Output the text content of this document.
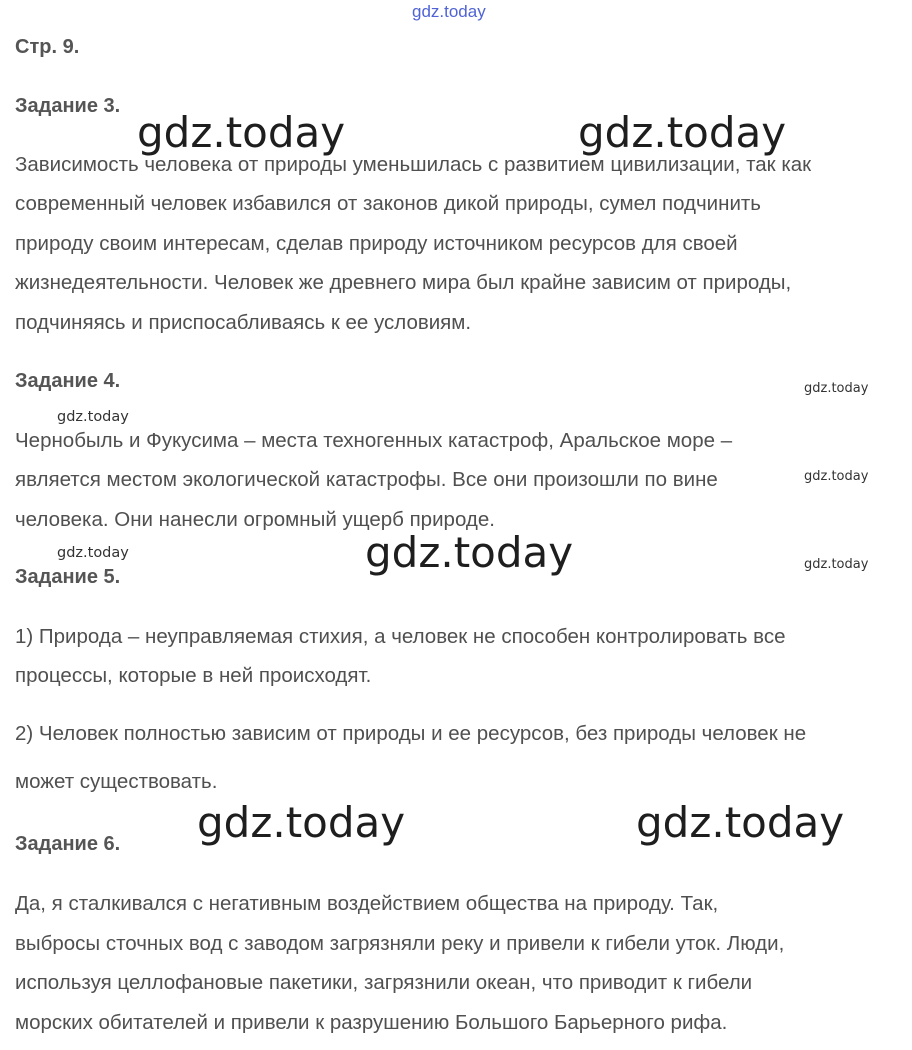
gdz.today
Стр. 9.
Задание 3.
gdz.today	gdz.today
Зависимость человека от природы уменьшилась с развитием цивилизации, так как
современный человек избавился от законов дикой природы, сумел подчинить
природу своим интересам, сделав природу источником ресурсов для своей
жизнедеятельности. Человек же древнего мира был крайне зависим от природы,
подчиняясь и приспосабливаясь к ее условиям.
Задание 4.	gdz.today
gdz.today
Чернобыль и Фукусима – места техногенных катастроф, Аральское море –
является местом экологической катастрофы. Все они произошли по вине	gdz.today
человека. Они нанесли огромный ущерб природе.
gdz.today	gdz.today
Задание 5.
gdz.today
1) Природа – неуправляемая стихия, а человек не способен контролировать все
процессы, которые в ней происходят.
2) Человек полностью зависим от природы и ее ресурсов, без природы человек не
может существовать.
gdz.today	gdz.today
Задание 6.
Да, я сталкивался с негативным воздействием общества на природу. Так,
выбросы сточных вод с заводом загрязняли реку и привели к гибели уток. Люди,
используя целлофановые пакетики, загрязнили океан, что приводит к гибели
морских обитателей и привели к разрушению Большого Барьерного рифа.
